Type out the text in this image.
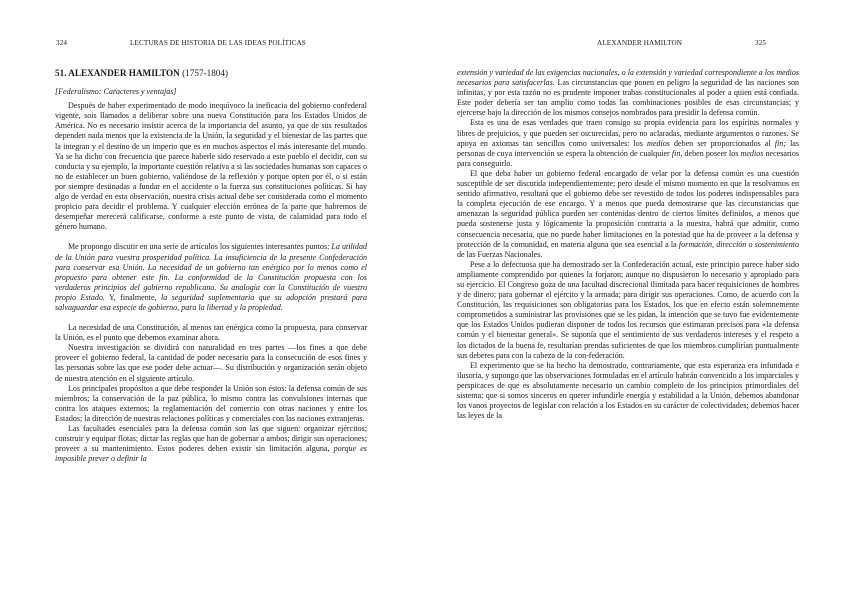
324	LECTURAS DE HISTORIA DE LAS IDEAS POLÍTICAS
51. ALEXANDER HAMILTON (1757-1804)
[Federalismo: Caracteres y ventajas]

Después de haber experimentado de modo inequívoco la ineficacia del gobierno confederal vigente, sois llamados a deliberar sobre una nueva Constitución para los Estados Unidos de América. No es necesario insistir acerca de la importancia del asunto, ya que de sus resultados dependen nada menos que la existencia de la Unión, la seguridad y el bienestar de las partes que la integran y el destino de un imperio que es en muchos aspectos el más interesante del mundo. Ya se ha dicho con frecuencia que parece haberle sido reservado a este pueblo el decidir, con su conducta y su ejemplo, la importante cuestión relativa a si las sociedades humanas son capaces o no de establecer un buen gobierno, valiéndose de la reflexión y porque opten por él, o si están por siempre destinadas a fundar en el accidente o la fuerza sus constituciones políticas. Si hay algo de verdad en esta observación, nuestra crisis actual debe ser considerada como el momento propicio para decidir el problema. Y cualquier elección errónea de la parte que habremos de desempeñar merecerá calificarse, conforme a este punto de vista, de calamidad para todo el género humano.

Me propongo discutir en una serie de artículos los siguientes interesantes puntos: La utilidad de la Unión para vuestra prosperidad política. La insuficiencia de la presente Confederación para conservar esa Unión. La necesidad de un gobierno tan enérgico por lo menos como el propuesto para obtener este fin. La conformidad de la Constitución propuesta con los verdaderos principios del gobierno republicano. Su analogía con la Constitución de vuestro propio Estado. Y, finalmente, la seguridad suplementaria que su adopción prestará para salvaguardar esa especie de gobierno, para la libertad y la propiedad.

La necesidad de una Constitución, al menos tan enérgica como la propuesta, para conservar la Unión, es el punto que debemos examinar ahora.

Nuestra investigación se dividirá con naturalidad en tres partes —los fines a que debe proveer el gobierno federal, la cantidad de poder necesario para la consecución de esos fines y las personas sobre las que ese poder debe actuar—. Su distribución y organización serán objeto de nuestra atención en el siguiente artículo.

Los principales propósitos a que debe responder la Unión son éstos: la defensa común de sus miembros; la conservación de la paz pública, lo mismo contra las convulsiones internas que contra los ataques externos; la reglamentación del comercio con otras naciones y entre los Estados; la dirección de nuestras relaciones políticas y comerciales con las naciones extranjeras.

Las facultades esenciales para la defensa común son las que siguen: organizar ejércitos; construir y equipar flotas; dictar las reglas que han de gobernar a ambos; dirigir sus operaciones; proveer a su mantenimiento. Estos poderes deben existir sin limitación alguna, porque es imposible prever o definir la

ALEXANDER HAMILTON	325

extensión y variedad de las exigencias nacionales, o la extensión y variedad correspondiente a los medios necesarios para satisfacerlas. Las circunstancias que ponen en peligro la seguridad de las naciones son infinitas, y por esta razón no es prudente imponer trabas constitucionales al poder a quien está confiada. Este poder debería ser tan amplio como todas las combinaciones posibles de esas circunstancias; y ejercerse bajo la dirección de los mismos consejos nombrados para presidir la defensa común.

Esta es una de esas verdades que traen consigo su propia evidencia para los espíritus normales y libres de prejuicios, y que pueden ser oscurecidas, pero no aclaradas, mediante argumentos o razones. Se apoya en axiomas tan sencillos como universales: los medios deben ser proporcionados al fin; las personas de cuya intervención se espera la obtención de cualquier fin, deben poseer los medios necesarios para conseguirlo.

El que deba haber un gobierno federal encargado de velar por la defensa común es una cuestión susceptible de ser discutida independientemente; pero desde el mismo momento en que la resolvamos en sentido afirmativo, resultará que el gobierno debe ser revestido de todos los poderes indispensables para la completa ejecución de ese encargo. Y a menos que pueda demostrarse que las circunstancias que amenazan la seguridad pública pueden ser contenidas dentro de ciertos límites definidos, a menos que pueda sostenerse justa y lógicamente la proposición contraria a la nuestra, habrá que admitir, como consecuencia necesaria, que no puede haber limitaciones en la potestad que ha de proveer a la defensa y protección de la comunidad, en materia alguna que sea esencial a la formación, dirección o sostenimiento de las Fuerzas Nacionales.

Pese a lo defectuosa que ha demostrado ser la Confederación actual, este principio parece haber sido ampliamente comprendido por quienes la forjaron; aunque no dispusieron lo necesario y apropiado para su ejercicio. El Congreso goza de una facultad discrecional ilimitada para hacer requisiciones de hombres y de dinero; para gobernar el ejército y la armada; para dirigir sus operaciones. Como, de acuerdo con la Constitución, las requisiciones son obligatorias para los Estados, los que en efecto están solemnemente comprometidos a suministrar las provisiones que se les pidan, la intención que se tuvo fue evidentemente que los Estados Unidos pudieran disponer de todos los recursos que estimaran precisos para «la defensa común y el bienestar general». Se suponía que el sentimiento de sus verdaderos intereses y el respeto a los dictados de la buena fe, resultarían prendas suficientes de que los miembros cumplirían puntualmente sus deberes para con la cabeza de la con-federación.

El experimento que se ha hecho ha demostrado, contrariamente, que esta esperanza era infundada e ilusoria, y supongo que las observaciones formuladas en el artículo habrán convencido a los imparciales y perspicaces de que es absolutamente necesario un cambio completo de los principios primordiales del sistema; que si somos sinceros en querer infundirle energía y estabilidad a la Unión, debemos abandonar los vanos proyectos de legislar con relación a los Estados en su carácter de colectividades; debemos hacer las leyes de la
